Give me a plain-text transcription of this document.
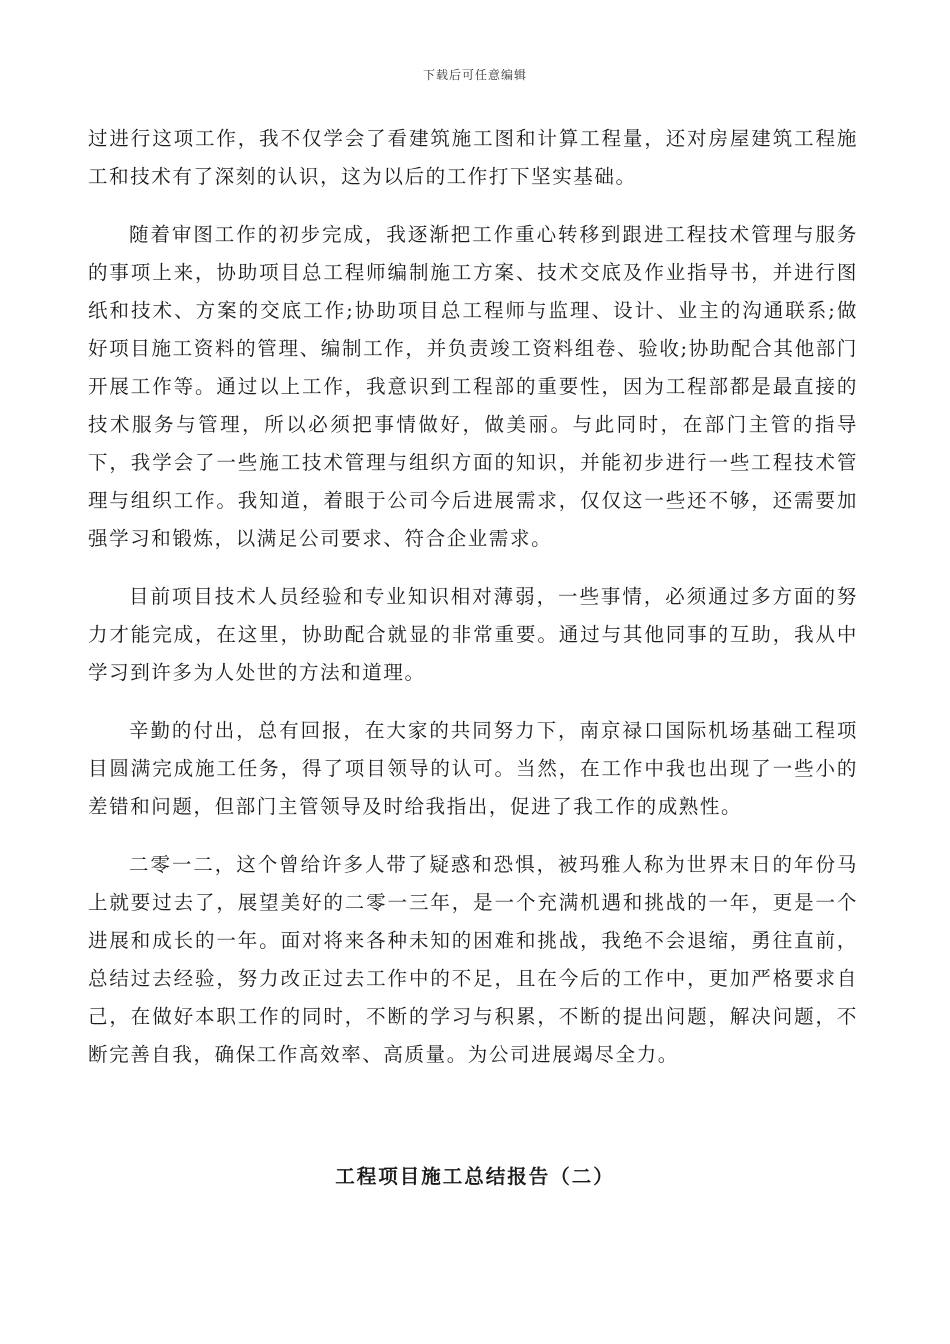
下载后可任意编辑

过进行这项工作，我不仅学会了看建筑施工图和计算工程量，还对房屋建筑工程施工和技术有了深刻的认识，这为以后的工作打下坚实基础。

随着审图工作的初步完成，我逐渐把工作重心转移到跟进工程技术管理与服务的事项上来，协助项目总工程师编制施工方案、技术交底及作业指导书，并进行图纸和技术、方案的交底工作;协助项目总工程师与监理、设计、业主的沟通联系;做好项目施工资料的管理、编制工作，并负责竣工资料组卷、验收;协助配合其他部门开展工作等。通过以上工作，我意识到工程部的重要性，因为工程部都是最直接的技术服务与管理，所以必须把事情做好，做美丽。与此同时，在部门主管的指导下，我学会了一些施工技术管理与组织方面的知识，并能初步进行一些工程技术管理与组织工作。我知道，着眼于公司今后进展需求，仅仅这一些还不够，还需要加强学习和锻炼，以满足公司要求、符合企业需求。

目前项目技术人员经验和专业知识相对薄弱，一些事情，必须通过多方面的努力才能完成，在这里，协助配合就显的非常重要。通过与其他同事的互助，我从中学习到许多为人处世的方法和道理。

辛勤的付出，总有回报，在大家的共同努力下，南京禄口国际机场基础工程项目圆满完成施工任务，得了项目领导的认可。当然，在工作中我也出现了一些小的差错和问题，但部门主管领导及时给我指出，促进了我工作的成熟性。

二零一二，这个曾给许多人带了疑惑和恐惧，被玛雅人称为世界末日的年份马上就要过去了，展望美好的二零一三年，是一个充满机遇和挑战的一年，更是一个进展和成长的一年。面对将来各种未知的困难和挑战，我绝不会退缩，勇往直前，总结过去经验，努力改正过去工作中的不足，且在今后的工作中，更加严格要求自己，在做好本职工作的同时，不断的学习与积累，不断的提出问题，解决问题，不断完善自我，确保工作高效率、高质量。为公司进展竭尽全力。

工程项目施工总结报告（二）
